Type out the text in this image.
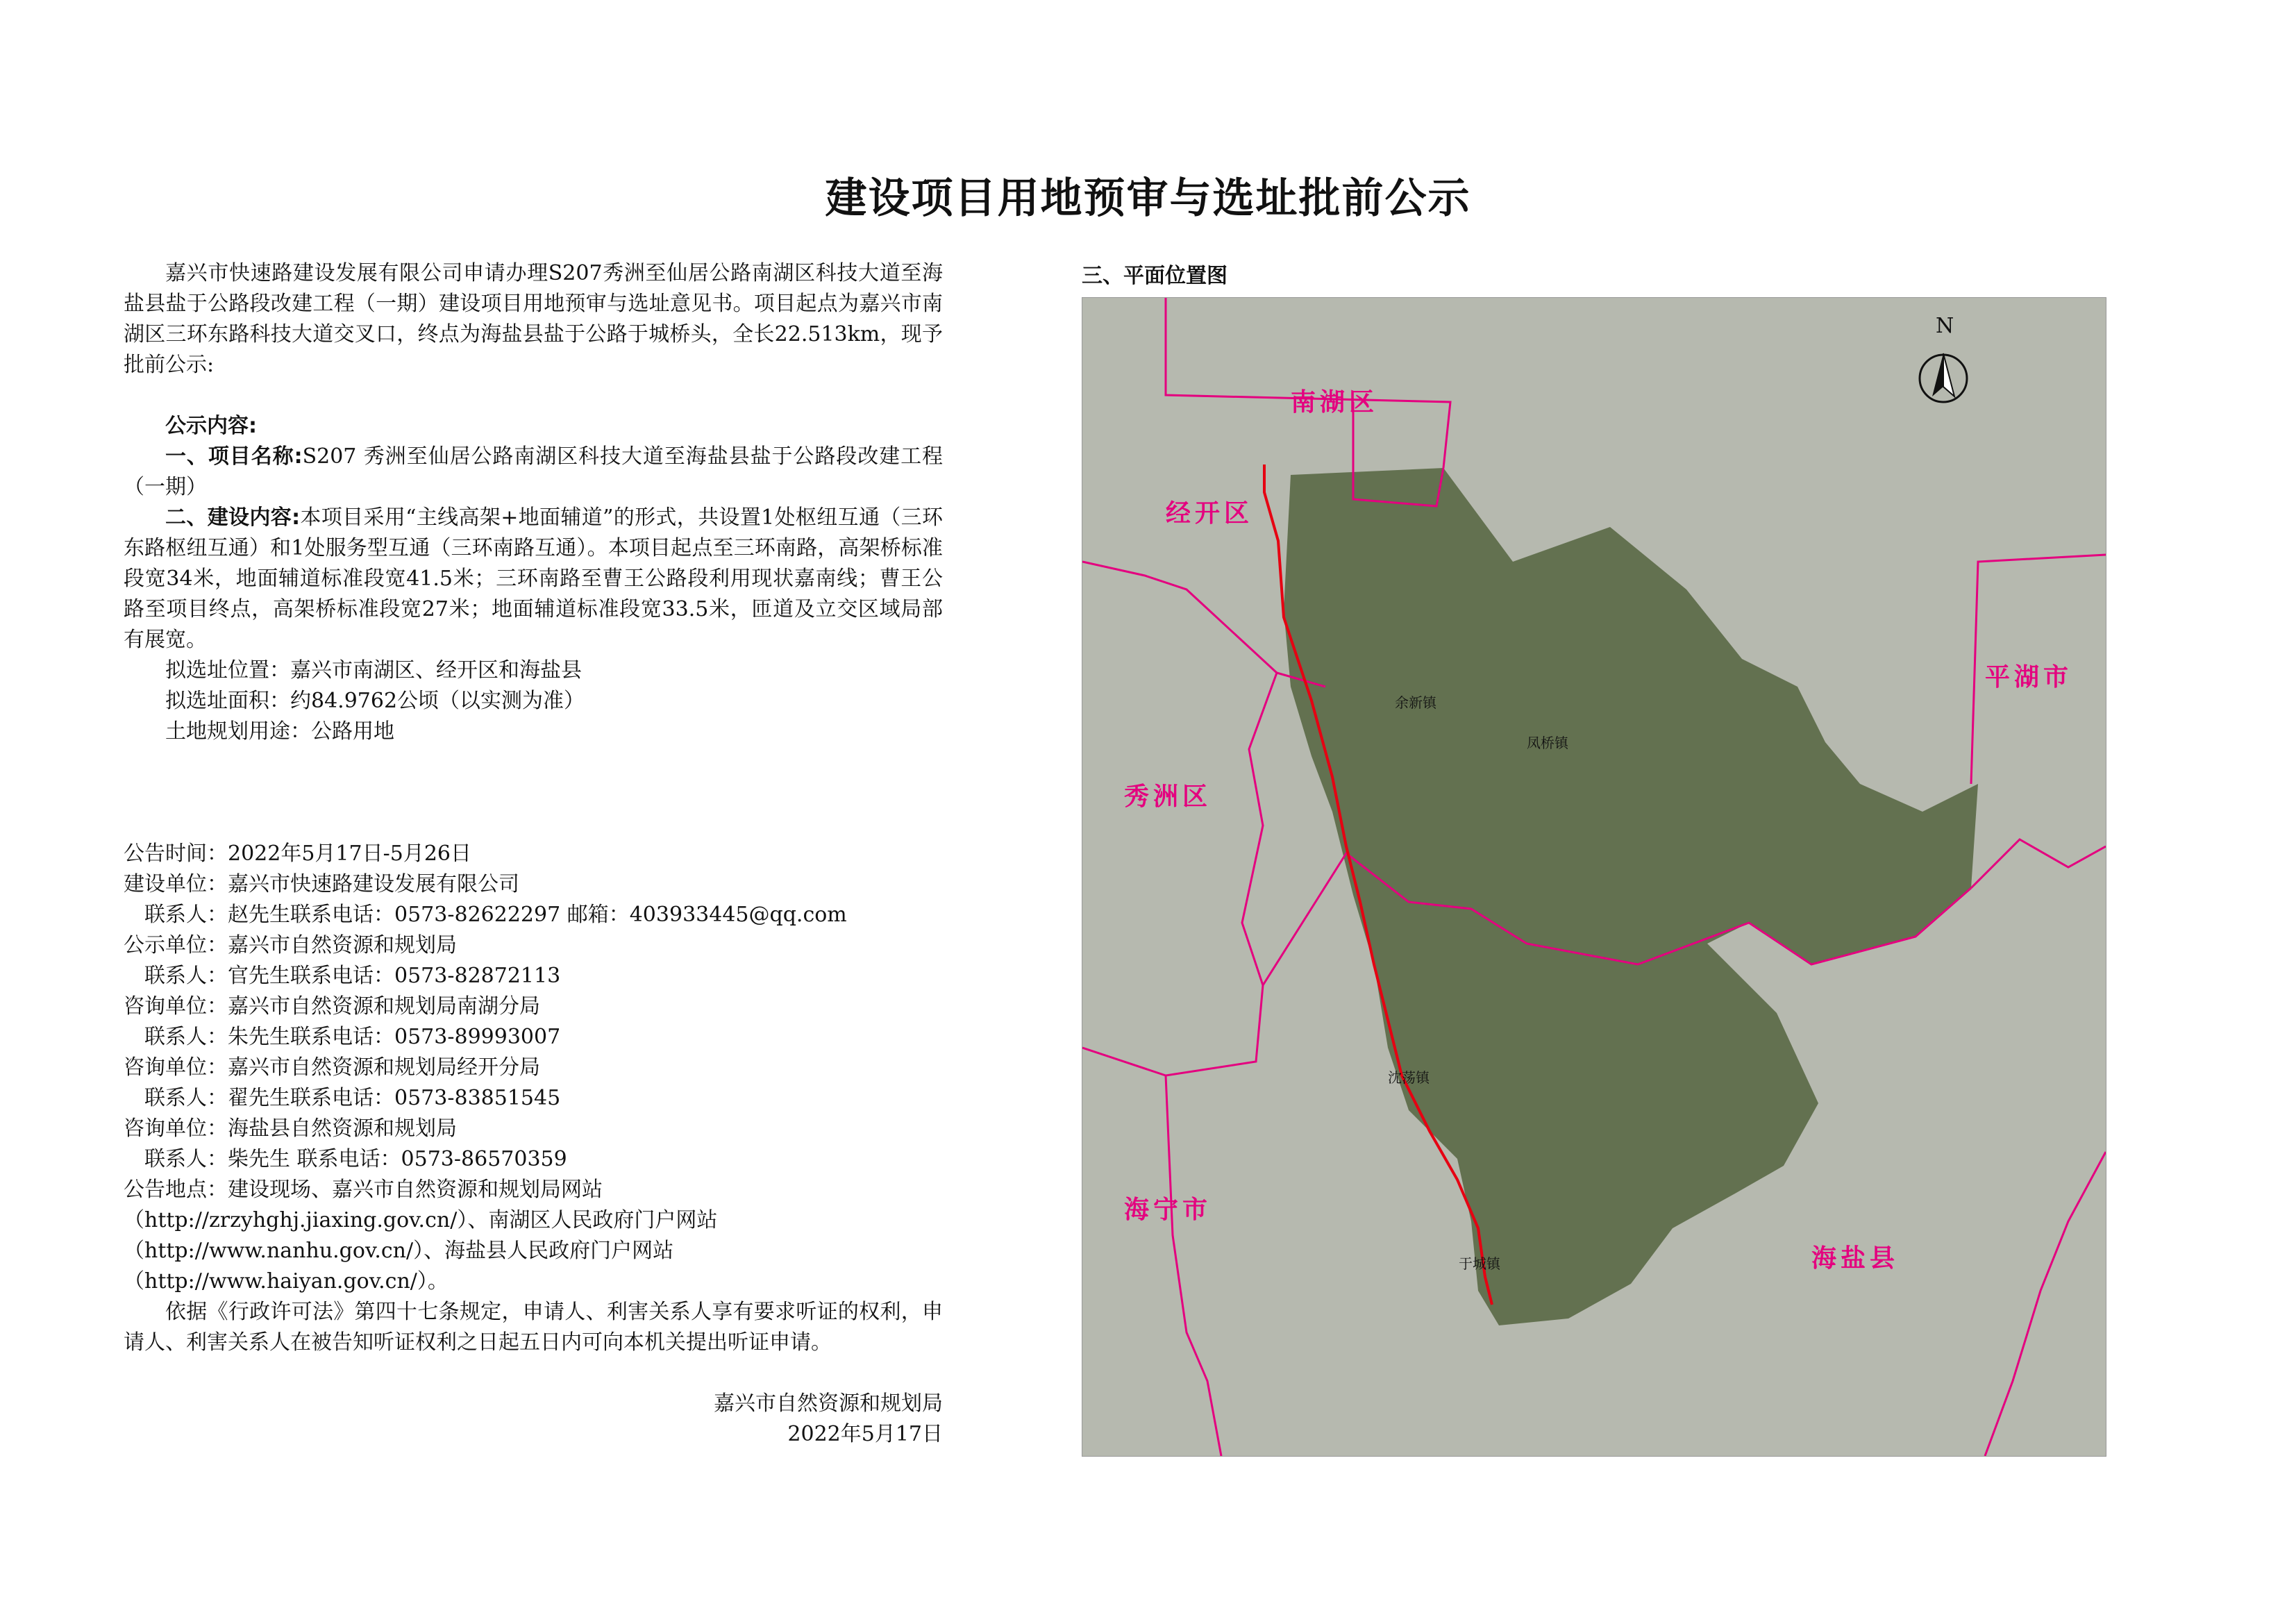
建设项目用地预审与选址批前公示

嘉兴市快速路建设发展有限公司申请办理S207秀洲至仙居公路南湖区科技大道至海盐县盐于公路段改建工程（一期）建设项目用地预审与选址意见书。项目起点为嘉兴市南湖区三环东路科技大道交叉口，终点为海盐县盐于公路于城桥头，全长22.513km，现予批前公示:

公示内容:

一、项目名称:S207 秀洲至仙居公路南湖区科技大道至海盐县盐于公路段改建工程（一期）

二、建设内容:本项目采用“主线高架+地面辅道”的形式，共设置1处枢纽互通（三环东路枢纽互通）和1处服务型互通（三环南路互通）。本项目起点至三环南路，高架桥标准段宽34米，地面辅道标准段宽41.5米；三环南路至曹王公路段利用现状嘉南线；曹王公路至项目终点，高架桥标准段宽27米；地面辅道标准段宽33.5米，匝道及立交区域局部有展宽。

拟选址位置：嘉兴市南湖区、经开区和海盐县

拟选址面积：约84.9762公顷（以实测为准）

土地规划用途：公路用地

公告时间：2022年5月17日-5月26日

建设单位：嘉兴市快速路建设发展有限公司

联系人：赵先生联系电话：0573-82622297 邮箱：403933445@qq.com

公示单位：嘉兴市自然资源和规划局

联系人：官先生联系电话：0573-82872113

咨询单位：嘉兴市自然资源和规划局南湖分局

联系人：朱先生联系电话：0573-89993007

咨询单位：嘉兴市自然资源和规划局经开分局

联系人：翟先生联系电话：0573-83851545

咨询单位：海盐县自然资源和规划局

联系人：柴先生 联系电话：0573-86570359

公告地点：建设现场、嘉兴市自然资源和规划局网站（http://zrzyhghj.jiaxing.gov.cn/）、南湖区人民政府门户网站（http://www.nanhu.gov.cn/）、海盐县人民政府门户网站（http://www.haiyan.gov.cn/）。

依据《行政许可法》第四十七条规定，申请人、利害关系人享有要求听证的权利，申请人、利害关系人在被告知听证权利之日起五日内可向本机关提出听证申请。

嘉兴市自然资源和规划局

2022年5月17日

三、平面位置图

南湖区
经开区
秀洲区
平湖市
海宁市
海盐县
余新镇
凤桥镇
沈荡镇
于城镇
N
